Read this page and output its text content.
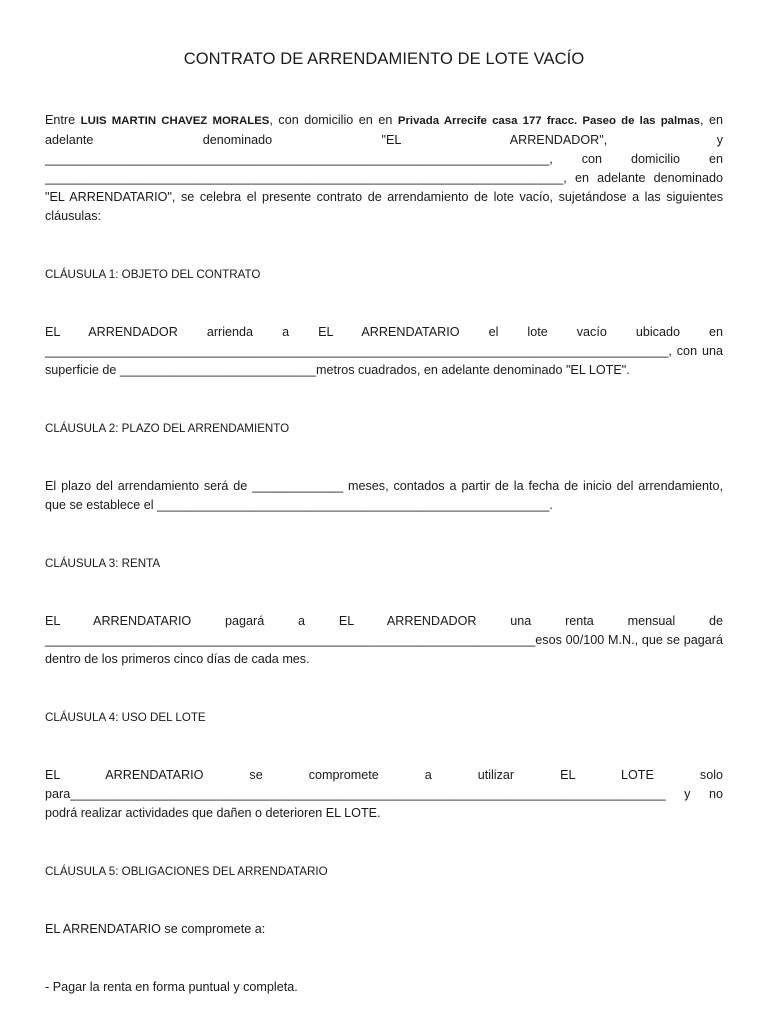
CONTRATO DE ARRENDAMIENTO DE LOTE VACÍO

Entre LUIS MARTIN CHAVEZ MORALES, con domicilio en en Privada Arrecife casa 177 fracc. Paseo de las palmas, en adelante denominado "EL ARRENDADOR", y ________________________________________________________________________, con domicilio en __________________________________________________________________________, en adelante denominado "EL ARRENDATARIO", se celebra el presente contrato de arrendamiento de lote vacío, sujetándose a las siguientes cláusulas:

CLÁUSULA 1: OBJETO DEL CONTRATO

EL ARRENDADOR arrienda a EL ARRENDATARIO el lote vacío ubicado en _________________________________________________________________________________________, con una superficie de ____________________________metros cuadrados, en adelante denominado "EL LOTE".

CLÁUSULA 2: PLAZO DEL ARRENDAMIENTO

El plazo del arrendamiento será de _____________ meses, contados a partir de la fecha de inicio del arrendamiento, que se establece el ________________________________________________________.

CLÁUSULA 3: RENTA

EL ARRENDATARIO pagará a EL ARRENDADOR una renta mensual de ______________________________________________________________________esos 00/100 M.N., que se pagará dentro de los primeros cinco días de cada mes.

CLÁUSULA 4: USO DEL LOTE

EL ARRENDATARIO se compromete a utilizar EL LOTE solo para_____________________________________________________________________________________ y no podrá realizar actividades que dañen o deterioren EL LOTE.

CLÁUSULA 5: OBLIGACIONES DEL ARRENDATARIO

EL ARRENDATARIO se compromete a:

- Pagar la renta en forma puntual y completa.
